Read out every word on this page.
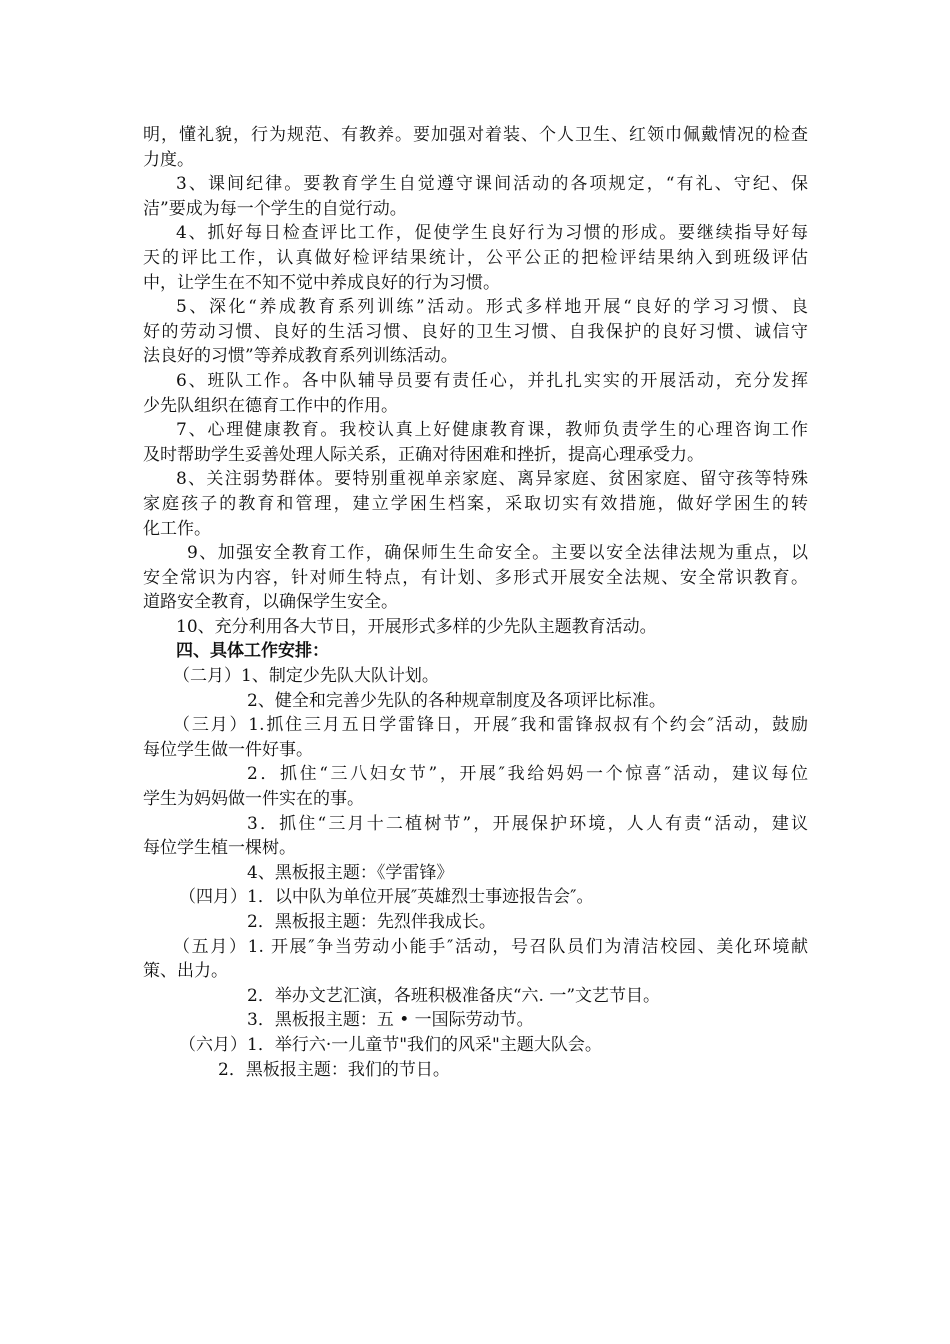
明，懂礼貌，行为规范、有教养。要加强对着装、个人卫生、红领巾佩戴情况的检查
力度。
3、课间纪律。要教育学生自觉遵守课间活动的各项规定，“有礼、守纪、保
洁”要成为每一个学生的自觉行动。
4、抓好每日检查评比工作，促使学生良好行为习惯的形成。要继续指导好每
天的评比工作，认真做好检评结果统计，公平公正的把检评结果纳入到班级评估
中，让学生在不知不觉中养成良好的行为习惯。
5、深化“养成教育系列训练”活动。形式多样地开展“良好的学习习惯、良
好的劳动习惯、良好的生活习惯、良好的卫生习惯、自我保护的良好习惯、诚信守
法良好的习惯”等养成教育系列训练活动。
6、班队工作。各中队辅导员要有责任心，并扎扎实实的开展活动，充分发挥
少先队组织在德育工作中的作用。
7、心理健康教育。我校认真上好健康教育课，教师负责学生的心理咨询工作
及时帮助学生妥善处理人际关系，正确对待困难和挫折，提高心理承受力。
8、关注弱势群体。要特别重视单亲家庭、离异家庭、贫困家庭、留守孩等特殊
家庭孩子的教育和管理，建立学困生档案，采取切实有效措施，做好学困生的转
化工作。
9、加强安全教育工作，确保师生生命安全。主要以安全法律法规为重点，以
安全常识为内容，针对师生特点，有计划、多形式开展安全法规、安全常识教育。
道路安全教育，以确保学生安全。
10、充分利用各大节日，开展形式多样的少先队主题教育活动。
四、具体工作安排：
（二月）1、制定少先队大队计划。
2、健全和完善少先队的各种规章制度及各项评比标准。
（三月）1.抓住三月五日学雷锋日，开展″我和雷锋叔叔有个约会″活动，鼓励
每位学生做一件好事。
2．抓住“三八妇女节”，开展″我给妈妈一个惊喜″活动，建议每位
学生为妈妈做一件实在的事。
3．抓住“三月十二植树节”，开展保护环境，人人有责“活动，建议
每位学生植一棵树。
4、黑板报主题：《学雷锋》
（四月）1．以中队为单位开展″英雄烈士事迹报告会″。
2．黑板报主题：先烈伴我成长。
（五月）1. 开展″争当劳动小能手″活动，号召队员们为清洁校园、美化环境献
策、出力。
2．举办文艺汇演，各班积极准备庆“六. 一”文艺节目。
3．黑板报主题：五 • 一国际劳动节。
（六月）1．举行六·一儿童节"我们的风采"主题大队会。
2．黑板报主题：我们的节日。
